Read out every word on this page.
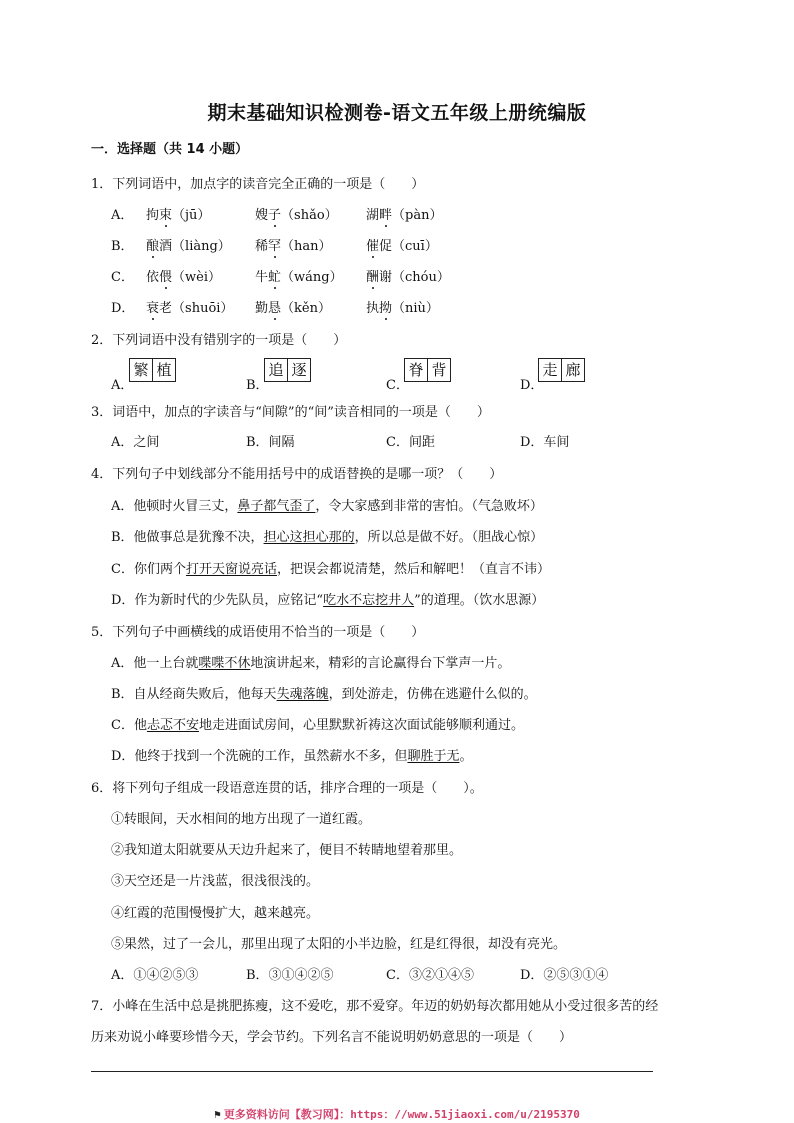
期末基础知识检测卷-语文五年级上册统编版
一．选择题（共 14 小题）
1．下列词语中，加点字的读音完全正确的一项是（　　）
A． 拘束（jū）	嫂子（shǎo） 湖畔（pàn）
B． 酿酒（liàng） 稀罕（han）	催促（cuī）
C． 依偎（wèi）	牛虻（wáng） 酬谢（chóu）
D． 衰老（shuōi） 勤恳（kěn）	执拗（niù）
2．下列词语中没有错别字的一项是（　　）
A．
繁 植
B．
追 逐
C．
脊 背
D．
走 廊
3．词语中，加点的字读音与“间隙”的“间”读音相同的一项是（　　）
A．之间	B．间隔	C．间距	D．车间
4．下列句子中划线部分不能用括号中的成语替换的是哪一项？（　　）
A．他顿时火冒三丈，鼻子都气歪了，令大家感到非常的害怕。（气急败坏）
B．他做事总是犹豫不决，担心这担心那的，所以总是做不好。（胆战心惊）
C．你们两个打开天窗说亮话，把误会都说清楚，然后和解吧！（直言不讳）
D．作为新时代的少先队员，应铭记“吃水不忘挖井人”的道理。（饮水思源）
5．下列句子中画横线的成语使用不恰当的一项是（　　）
A．他一上台就喋喋不休地演讲起来，精彩的言论赢得台下掌声一片。
B．自从经商失败后，他每天失魂落魄，到处游走，仿佛在逃避什么似的。
C．他忐忑不安地走进面试房间，心里默默祈祷这次面试能够顺利通过。
D．他终于找到一个洗碗的工作，虽然薪水不多，但聊胜于无。
6．将下列句子组成一段语意连贯的话，排序合理的一项是（　　）。
①转眼间，天水相间的地方出现了一道红霞。
②我知道太阳就要从天边升起来了，便目不转睛地望着那里。
③天空还是一片浅蓝，很浅很浅的。
④红霞的范围慢慢扩大，越来越亮。
⑤果然，过了一会儿，那里出现了太阳的小半边脸，红是红得很，却没有亮光。
A．①④②⑤③	B．③①④②⑤	C．③②①④⑤	D．②⑤③①④
7．小峰在生活中总是挑肥拣瘦，这不爱吃，那不爱穿。年迈的奶奶每次都用她从小受过很多苦的经
历来劝说小峰要珍惜今天，学会节约。下列名言不能说明奶奶意思的一项是（　　）
⚑ 更多资料访问【教习网】：https：//www.51jiaoxi.com/u/2195370
